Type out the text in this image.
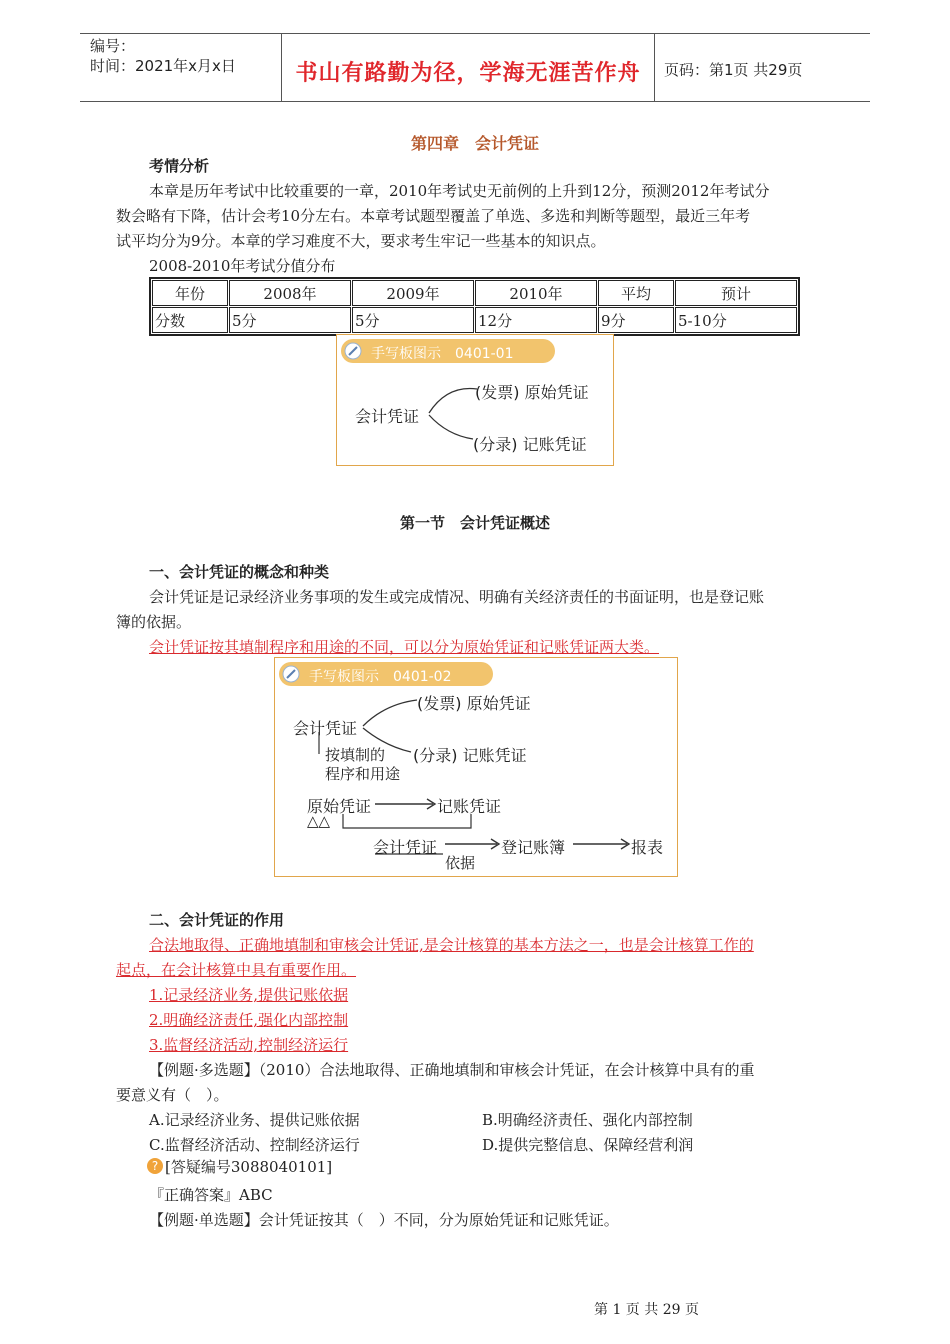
编号：
时间：2021年x月x日	书山有路勤为径，学海无涯苦作舟	页码：第1页 共29页
第四章　会计凭证
考情分析
本章是历年考试中比较重要的一章，2010年考试史无前例的上升到12分，预测2012年考试分
数会略有下降，估计会考10分左右。本章考试题型覆盖了单选、多选和判断等题型，最近三年考
试平均分为9分。本章的学习难度不大，要求考生牢记一些基本的知识点。
2008-2010年考试分值分布
年份	2008年	2009年	2010年	平均	预计
分数	5分	5分	12分	9分	5-10分
手写板图示　0401-01
会计凭证
(发票) 原始凭证
(分录) 记账凭证
第一节　会计凭证概述
一、会计凭证的概念和种类
会计凭证是记录经济业务事项的发生或完成情况、明确有关经济责任的书面证明，也是登记账
簿的依据。
会计凭证按其填制程序和用途的不同，可以分为原始凭证和记账凭证两大类。
手写板图示　0401-02
会计凭证
(发票) 原始凭证
(分录) 记账凭证
按填制的
程序和用途
原始凭证
△△
记账凭证
会计凭证	登记账簿	报表
依据
二、会计凭证的作用
合法地取得、正确地填制和审核会计凭证,是会计核算的基本方法之一，也是会计核算工作的
起点，在会计核算中具有重要作用。
1.记录经济业务,提供记账依据
2.明确经济责任,强化内部控制
3.监督经济活动,控制经济运行
【例题·多选题】（2010）合法地取得、正确地填制和审核会计凭证，在会计核算中具有的重
要意义有（　）。
A.记录经济业务、提供记账依据	B.明确经济责任、强化内部控制
C.监督经济活动、控制经济运行	D.提供完整信息、保障经营利润
? [答疑编号3088040101]
『正确答案』ABC
【例题·单选题】会计凭证按其（　）不同，分为原始凭证和记账凭证。
第 1 页 共 29 页
